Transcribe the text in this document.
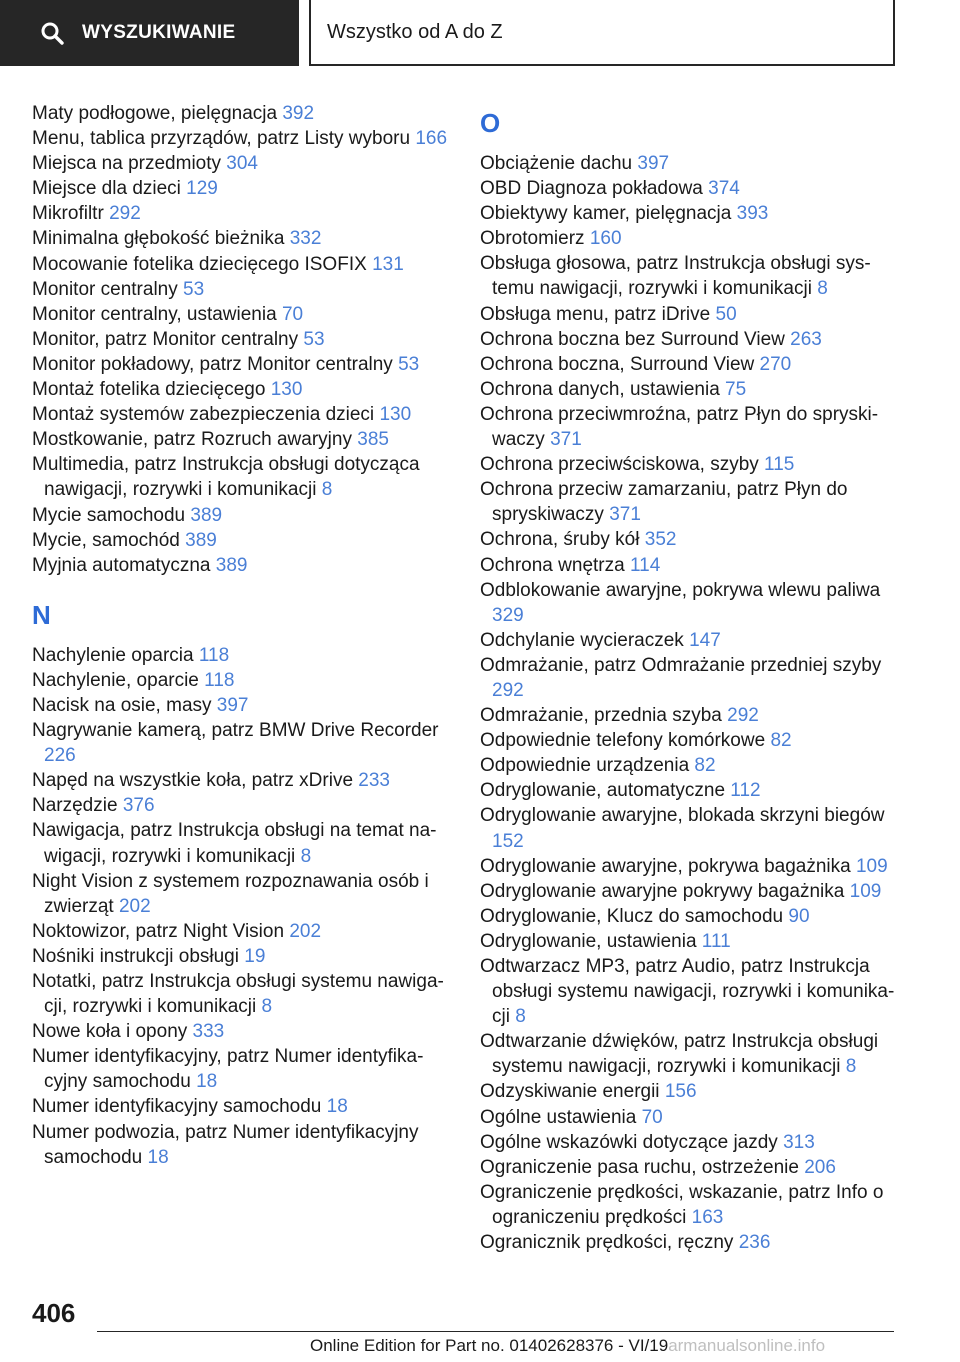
WYSZUKIWANIE	Wszystko od A do Z
Maty podłogowe, pielęgnacja 392
Menu, tablica przyrządów, patrz Listy wyboru 166
Miejsca na przedmioty 304
Miejsce dla dzieci 129
Mikrofiltr 292
Minimalna głębokość bieżnika 332
Mocowanie fotelika dziecięcego ISOFIX 131
Monitor centralny 53
Monitor centralny, ustawienia 70
Monitor, patrz Monitor centralny 53
Monitor pokładowy, patrz Monitor centralny 53
Montaż fotelika dziecięcego 130
Montaż systemów zabezpieczenia dzieci 130
Mostkowanie, patrz Rozruch awaryjny 385
Multimedia, patrz Instrukcja obsługi dotycząca nawigacji, rozrywki i komunikacji 8
Mycie samochodu 389
Mycie, samochód 389
Myjnia automatyczna 389
N
Nachylenie oparcia 118
Nachylenie, oparcie 118
Nacisk na osie, masy 397
Nagrywanie kamerą, patrz BMW Drive Recorder 226
Napęd na wszystkie koła, patrz xDrive 233
Narzędzie 376
Nawigacja, patrz Instrukcja obsługi na temat nawigacji, rozrywki i komunikacji 8
Night Vision z systemem rozpoznawania osób i zwierząt 202
Noktowizor, patrz Night Vision 202
Nośniki instrukcji obsługi 19
Notatki, patrz Instrukcja obsługi systemu nawigacji, rozrywki i komunikacji 8
Nowe koła i opony 333
Numer identyfikacyjny, patrz Numer identyfikacyjny samochodu 18
Numer identyfikacyjny samochodu 18
Numer podwozia, patrz Numer identyfikacyjny samochodu 18
O
Obciążenie dachu 397
OBD Diagnoza pokładowa 374
Obiektywy kamer, pielęgnacja 393
Obrotomierz 160
Obsługa głosowa, patrz Instrukcja obsługi systemu nawigacji, rozrywki i komunikacji 8
Obsługa menu, patrz iDrive 50
Ochrona boczna bez Surround View 263
Ochrona boczna, Surround View 270
Ochrona danych, ustawienia 75
Ochrona przeciwmroźna, patrz Płyn do spryskiwaczy 371
Ochrona przeciwściskowa, szyby 115
Ochrona przeciw zamarzaniu, patrz Płyn do spryskiwaczy 371
Ochrona, śruby kół 352
Ochrona wnętrza 114
Odblokowanie awaryjne, pokrywa wlewu paliwa 329
Odchylanie wycieraczek 147
Odmrażanie, patrz Odmrażanie przedniej szyby 292
Odmrażanie, przednia szyba 292
Odpowiednie telefony komórkowe 82
Odpowiednie urządzenia 82
Odryglowanie, automatyczne 112
Odryglowanie awaryjne, blokada skrzyni biegów 152
Odryglowanie awaryjne, pokrywa bagażnika 109
Odryglowanie awaryjne pokrywy bagażnika 109
Odryglowanie, Klucz do samochodu 90
Odryglowanie, ustawienia 111
Odtwarzacz MP3, patrz Audio, patrz Instrukcja obsługi systemu nawigacji, rozrywki i komunikacji 8
Odtwarzanie dźwięków, patrz Instrukcja obsługi systemu nawigacji, rozrywki i komunikacji 8
Odzyskiwanie energii 156
Ogólne ustawienia 70
Ogólne wskazówki dotyczące jazdy 313
Ograniczenie pasa ruchu, ostrzeżenie 206
Ograniczenie prędkości, wskazanie, patrz Info o ograniczeniu prędkości 163
Ogranicznik prędkości, ręczny 236
406
Online Edition for Part no. 01402628376 - VI/19armanualsonline.info
